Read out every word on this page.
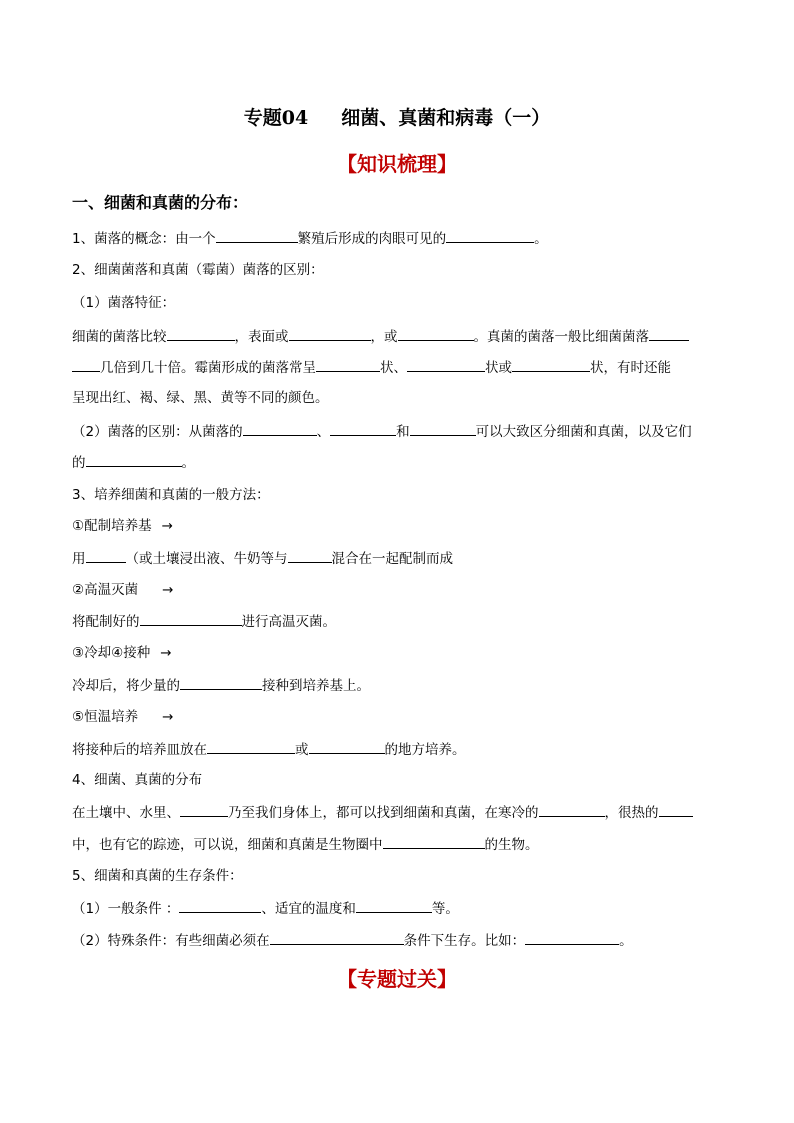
专题04     细菌、真菌和病毒（一）
【知识梳理】
一、细菌和真菌的分布：
1、菌落的概念：由一个	繁殖后形成的肉眼可见的	。
2、细菌菌落和真菌（霉菌）菌落的区别：
（1）菌落特征：
细菌的菌落比较	，表面或	，或	。真菌的菌落一般比细菌菌落
几倍到几十倍。霉菌形成的菌落常呈	状、	状或	状，有时还能
呈现出红、褐、绿、黑、黄等不同的颜色。
（2）菌落的区别：从菌落的	、	和	可以大致区分细菌和真菌，以及它们
的	。
3、培养细菌和真菌的一般方法：
①配制培养基 →
用	（或土壤浸出液、牛奶等与	混合在一起配制而成
②高温灭菌 →
将配制好的	进行高温灭菌。
③冷却④接种 →
冷却后，将少量的	接种到培养基上。
⑤恒温培养 →
将接种后的培养皿放在	或	的地方培养。
4、细菌、真菌的分布
在土壤中、水里、	乃至我们身体上，都可以找到细菌和真菌，在寒冷的	，很热的
中，也有它的踪迹，可以说，细菌和真菌是生物圈中	的生物。
5、细菌和真菌的生存条件：
（1）一般条件 ：	、适宜的温度和	等。
（2）特殊条件：有些细菌必须在	条件下生存。比如：	。
【专题过关】
